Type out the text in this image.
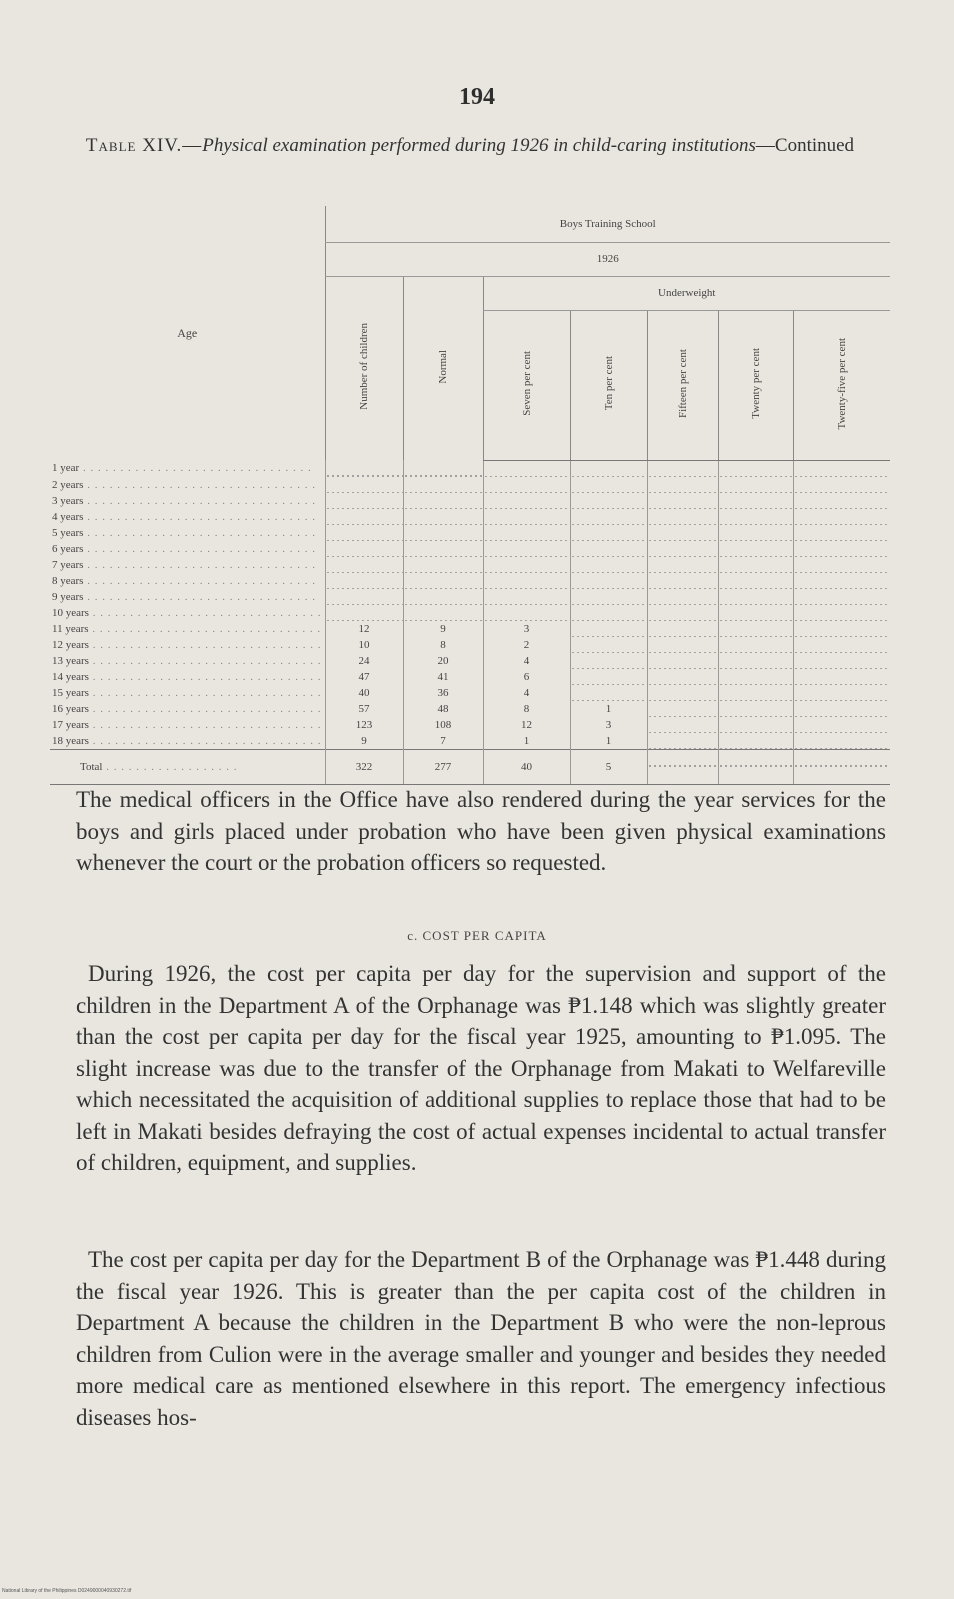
194
Table XIV.—Physical examination performed during 1926 in child-caring institutions—Continued
Age	Boys Training School						
	1926						
	Number of children	Normal	Underweight				
			Seven per cent	Ten per cent	Fifteen per cent	Twenty per cent	Twenty-five per cent
1 year . . . . . . . . . . . . . . . . . . . . . . . . . . . . . . .							
2 years . . . . . . . . . . . . . . . . . . . . . . . . . . . . . . .							
3 years . . . . . . . . . . . . . . . . . . . . . . . . . . . . . . .							
4 years . . . . . . . . . . . . . . . . . . . . . . . . . . . . . . .							
5 years . . . . . . . . . . . . . . . . . . . . . . . . . . . . . . .							
6 years . . . . . . . . . . . . . . . . . . . . . . . . . . . . . . .							
7 years . . . . . . . . . . . . . . . . . . . . . . . . . . . . . . .							
8 years . . . . . . . . . . . . . . . . . . . . . . . . . . . . . . .							
9 years . . . . . . . . . . . . . . . . . . . . . . . . . . . . . . .							
10 years . . . . . . . . . . . . . . . . . . . . . . . . . . . . . . .							
11 years . . . . . . . . . . . . . . . . . . . . . . . . . . . . . . .	12	9	3				
12 years . . . . . . . . . . . . . . . . . . . . . . . . . . . . . . .	10	8	2				
13 years . . . . . . . . . . . . . . . . . . . . . . . . . . . . . . .	24	20	4				
14 years . . . . . . . . . . . . . . . . . . . . . . . . . . . . . . .	47	41	6				
15 years . . . . . . . . . . . . . . . . . . . . . . . . . . . . . . .	40	36	4				
16 years . . . . . . . . . . . . . . . . . . . . . . . . . . . . . . .	57	48	8	1			
17 years . . . . . . . . . . . . . . . . . . . . . . . . . . . . . . .	123	108	12	3			
18 years . . . . . . . . . . . . . . . . . . . . . . . . . . . . . . .	9	7	1	1			
Total . . . . . . . . . . . . . . . . . .	322	277	40	5			
The medical officers in the Office have also rendered during the year services for the boys and girls placed under probation who have been given physical examinations whenever the court or the probation officers so requested.
c. COST PER CAPITA
During 1926, the cost per capita per day for the supervision and support of the children in the Department A of the Orphanage was ₱1.148 which was slightly greater than the cost per capita per day for the fiscal year 1925, amounting to ₱1.095. The slight increase was due to the transfer of the Orphanage from Makati to Welfareville which necessitated the acquisition of additional supplies to replace those that had to be left in Makati besides defraying the cost of actual expenses incidental to actual transfer of children, equipment, and supplies.
The cost per capita per day for the Department B of the Orphanage was ₱1.448 during the fiscal year 1926. This is greater than the per capita cost of the children in Department A because the children in the Department B who were the non-leprous children from Culion were in the average smaller and younger and besides they needed more medical care as mentioned elsewhere in this report. The emergency infectious diseases hos-
National Library of the Philippines D0249000040930272.tif
